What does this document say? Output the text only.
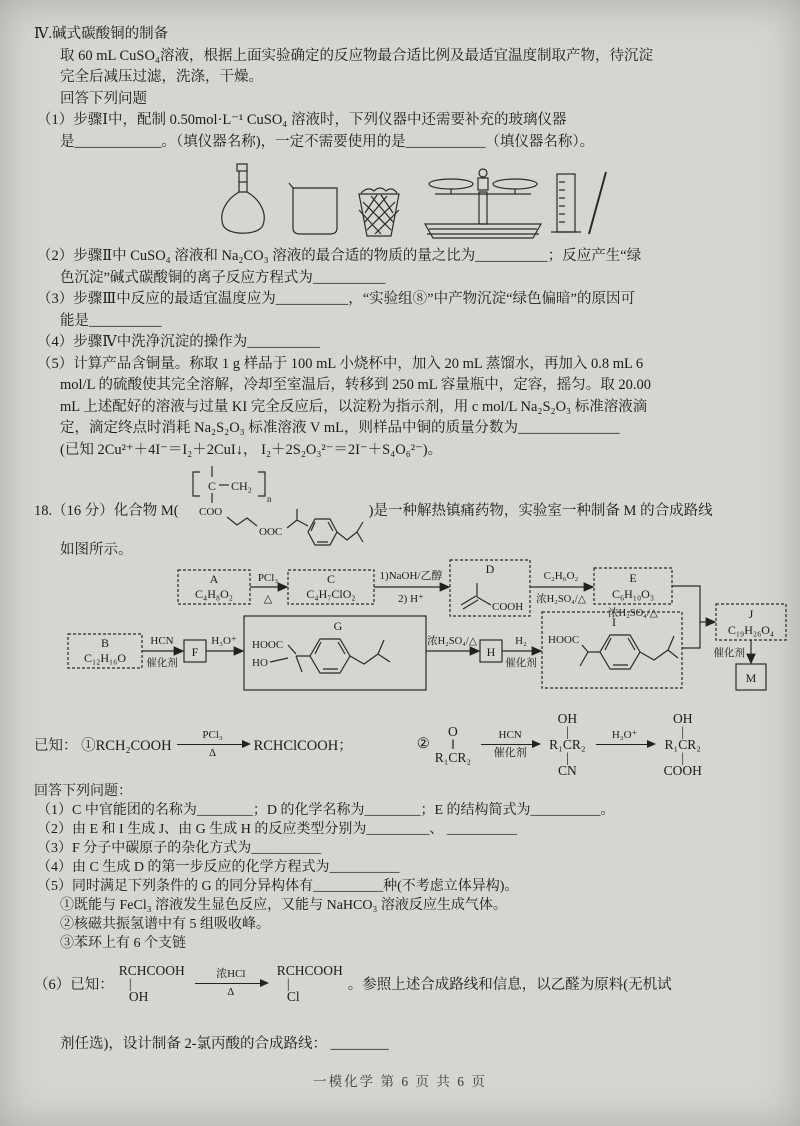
Ⅳ.碱式碳酸铜的制备
取 60 mL CuSO₄溶液，根据上面实验确定的反应物最合适比例及最适宜温度制取产物，待沉淀
完全后减压过滤，洗涤，干燥。
回答下列问题
（1）步骤Ⅰ中，配制 0.50mol·L⁻¹ CuSO₄ 溶液时，下列仪器中还需要补充的玻璃仪器
是____________。（填仪器名称)，一定不需要使用的是___________（填仪器名称）。
（2）步骤Ⅱ中 CuSO₄ 溶液和 Na₂CO₃ 溶液的最合适的物质的量之比为__________；反应产生“绿
色沉淀”碱式碳酸铜的离子反应方程式为__________
（3）步骤Ⅲ中反应的最适宜温度应为__________，“实验组⑧”中产物沉淀“绿色偏暗”的原因可
能是__________
（4）步骤Ⅳ中洗净沉淀的操作为__________
（5）计算产品含铜量。称取 1 g 样品于 100 mL 小烧杯中，加入 20 mL 蒸馏水，再加入 0.8 mL 6
mol/L 的硫酸使其完全溶解，冷却至室温后，转移到 250 mL 容量瓶中，定容，摇匀。取 20.00
mL 上述配好的溶液与过量 KI 完全反应后，以淀粉为指示剂，用 c mol/L Na₂S₂O₃ 标准溶液滴
定，滴定终点时消耗 Na₂S₂O₃ 标准溶液 V mL，则样品中铜的质量分数为______________
(已知 2Cu²⁺＋4I⁻＝I₂＋2CuI↓， I₂＋2S₂O₃²⁻＝2I⁻＋S₄O₆²⁻)。
18.（16 分）化合物 M(
C CH₂
n
COO
OOC
)是一种解热镇痛药物，实验室一种制备 M 的合成路线
如图所示。
A
C₄H₈O₂
PCl₃
△
C
C₄H₇ClO₂
1)NaOH/乙醇
2) H⁺
D
COOH
C₂H₆O₂
浓H₂SO₄/△
E
C₆H₁₀O₃
浓H₂SO₄/△	J
C₁₉H₂₆O₄
催化剂
M
B
C₁₂H₁₆O
HCN
催化剂
F
H₃O⁺
G
HOOC
HO
浓H₂SO₄/△
H
H₂
催化剂
I
HOOC
已知： ①RCH₂COOH
PCl₃
Δ	RCHClCOOH；	②
O
‖
R₁CR₂
HCN
催化剂
OH
|
R₁CR₂
|
CN
H₃O⁺

OH
|
R₁CR₂
|
COOH
回答下列问题：
（1）C 中官能团的名称为________；D 的化学名称为________；E 的结构简式为__________。
（2）由 E 和 I 生成 J、由 G 生成 H 的反应类型分别为_________、 __________
（3）F 分子中碳原子的杂化方式为__________
（4）由 C 生成 D 的第一步反应的化学方程式为__________
（5）同时满足下列条件的 G 的同分异构体有__________种(不考虑立体异构)。
①既能与 FeCl₃ 溶液发生显色反应，又能与 NaHCO₃ 溶液反应生成气体。
②核磁共振氢谱中有 5 组吸收峰。
③苯环上有 6 个支链
（6）已知：
RCHCOOH
|
OH
浓HCl
Δ
RCHCOOH
|
Cl
。参照上述合成路线和信息，以乙醛为原料(无机试
剂任选)，设计制备 2-氯丙酸的合成路线： ________
一模化学 第 6 页 共 6 页
